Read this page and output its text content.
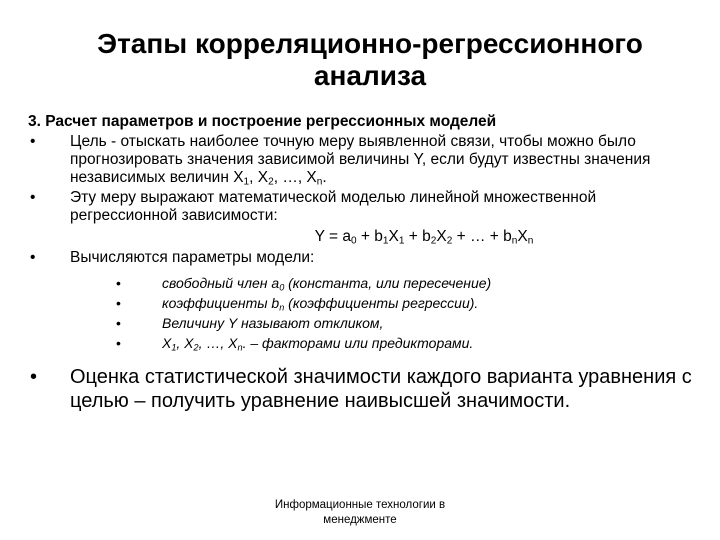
Этапы корреляционно-регрессионного
анализа
3. Расчет параметров и построение регрессионных моделей
• Цель - отыскать наиболее точную меру выявленной связи, чтобы можно было прогнозировать значения зависимой величины Y, если будут известны значения независимых величин $X_1$, $X_2$, …, $X_n$.
• Эту меру выражают математической моделью линейной множественной регрессионной зависимости:
$Y = a_0 + b_1X_1 + b_2X_2$ + … + $b_nX_n$
• Вычисляются параметры модели:
•	свободный член $a_0$ (константа, или пересечение)
•	коэффициенты $b_n$ (коэффициенты регрессии).
•	Величину Y называют откликом,
•	$X_1$, $X_2$, …, $X_n$. – факторами или предикторами.
• Оценка статистической значимости каждого варианта уравнения с целью – получить уравнение наивысшей значимости.
Информационные технологии в
менеджменте
